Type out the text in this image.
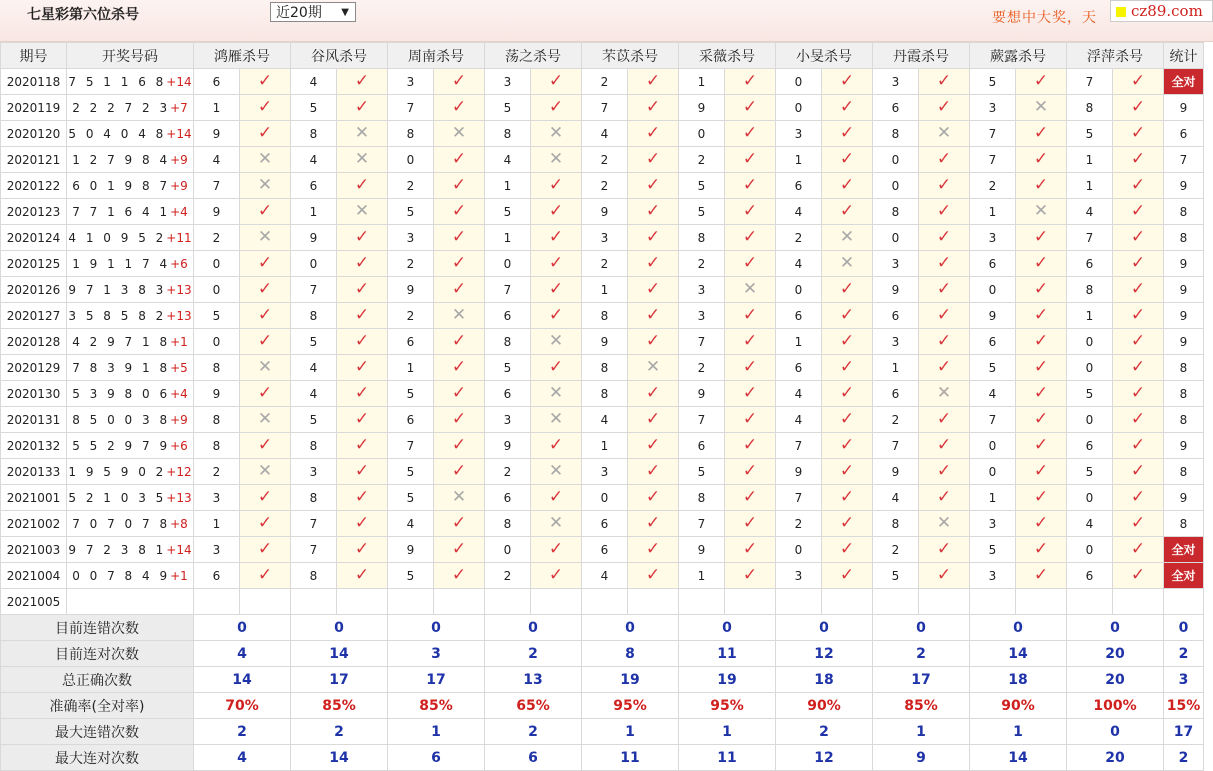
七星彩第六位杀号	近20期 ▼	要想中大奖，天 cz89.com
期号	开奖号码	鸿雁杀号		谷风杀号		周南杀号		荡之杀号		芣苡杀号		采薇杀号		小旻杀号		丹霞杀号		蕨露杀号		浮萍杀号		统计
2020118	7 5 1 1 6 8+14	6	✓	4	✓	3	✓	3	✓	2	✓	1	✓	0	✓	3	✓	5	✓	7	✓	全对
2020119	2 2 2 7 2 3+7	1	✓	5	✓	7	✓	5	✓	7	✓	9	✓	0	✓	6	✓	3	✕	8	✓	9
2020120	5 0 4 0 4 8+14	9	✓	8	✕	8	✕	8	✕	4	✓	0	✓	3	✓	8	✕	7	✓	5	✓	6
2020121	1 2 7 9 8 4+9	4	✕	4	✕	0	✓	4	✕	2	✓	2	✓	1	✓	0	✓	7	✓	1	✓	7
2020122	6 0 1 9 8 7+9	7	✕	6	✓	2	✓	1	✓	2	✓	5	✓	6	✓	0	✓	2	✓	1	✓	9
2020123	7 7 1 6 4 1+4	9	✓	1	✕	5	✓	5	✓	9	✓	5	✓	4	✓	8	✓	1	✕	4	✓	8
2020124	4 1 0 9 5 2+11	2	✕	9	✓	3	✓	1	✓	3	✓	8	✓	2	✕	0	✓	3	✓	7	✓	8
2020125	1 9 1 1 7 4+6	0	✓	0	✓	2	✓	0	✓	2	✓	2	✓	4	✕	3	✓	6	✓	6	✓	9
2020126	9 7 1 3 8 3+13	0	✓	7	✓	9	✓	7	✓	1	✓	3	✕	0	✓	9	✓	0	✓	8	✓	9
2020127	3 5 8 5 8 2+13	5	✓	8	✓	2	✕	6	✓	8	✓	3	✓	6	✓	6	✓	9	✓	1	✓	9
2020128	4 2 9 7 1 8+1	0	✓	5	✓	6	✓	8	✕	9	✓	7	✓	1	✓	3	✓	6	✓	0	✓	9
2020129	7 8 3 9 1 8+5	8	✕	4	✓	1	✓	5	✓	8	✕	2	✓	6	✓	1	✓	5	✓	0	✓	8
2020130	5 3 9 8 0 6+4	9	✓	4	✓	5	✓	6	✕	8	✓	9	✓	4	✓	6	✕	4	✓	5	✓	8
2020131	8 5 0 0 3 8+9	8	✕	5	✓	6	✓	3	✕	4	✓	7	✓	4	✓	2	✓	7	✓	0	✓	8
2020132	5 5 2 9 7 9+6	8	✓	8	✓	7	✓	9	✓	1	✓	6	✓	7	✓	7	✓	0	✓	6	✓	9
2020133	1 9 5 9 0 2+12	2	✕	3	✓	5	✓	2	✕	3	✓	5	✓	9	✓	9	✓	0	✓	5	✓	8
2021001	5 2 1 0 3 5+13	3	✓	8	✓	5	✕	6	✓	0	✓	8	✓	7	✓	4	✓	1	✓	0	✓	9
2021002	7 0 7 0 7 8+8	1	✓	7	✓	4	✓	8	✕	6	✓	7	✓	2	✓	8	✕	3	✓	4	✓	8
2021003	9 7 2 3 8 1+14	3	✓	7	✓	9	✓	0	✓	6	✓	9	✓	0	✓	2	✓	5	✓	0	✓	全对
2021004	0 0 7 8 4 9+1	6	✓	8	✓	5	✓	2	✓	4	✓	1	✓	3	✓	5	✓	3	✓	6	✓	全对
2021005	当前期杀号	2		5		4		4		6		6		2		5		9		4		
目前连错次数		0		0		0		0		0		0		0		0		0		0		0
目前连对次数		4		14		3		2		8		11		12		2		14		20		2
总正确次数		14		17		17		13		19		19		18		17		18		20		3
准确率(全对率)		70%		85%		85%		65%		95%		95%		90%		85%		90%		100%		15%
最大连错次数		2		2		1		2		1		1		2		1		1		0		17
最大连对次数		4		14		6		6		11		11		12		9		14		20		2
